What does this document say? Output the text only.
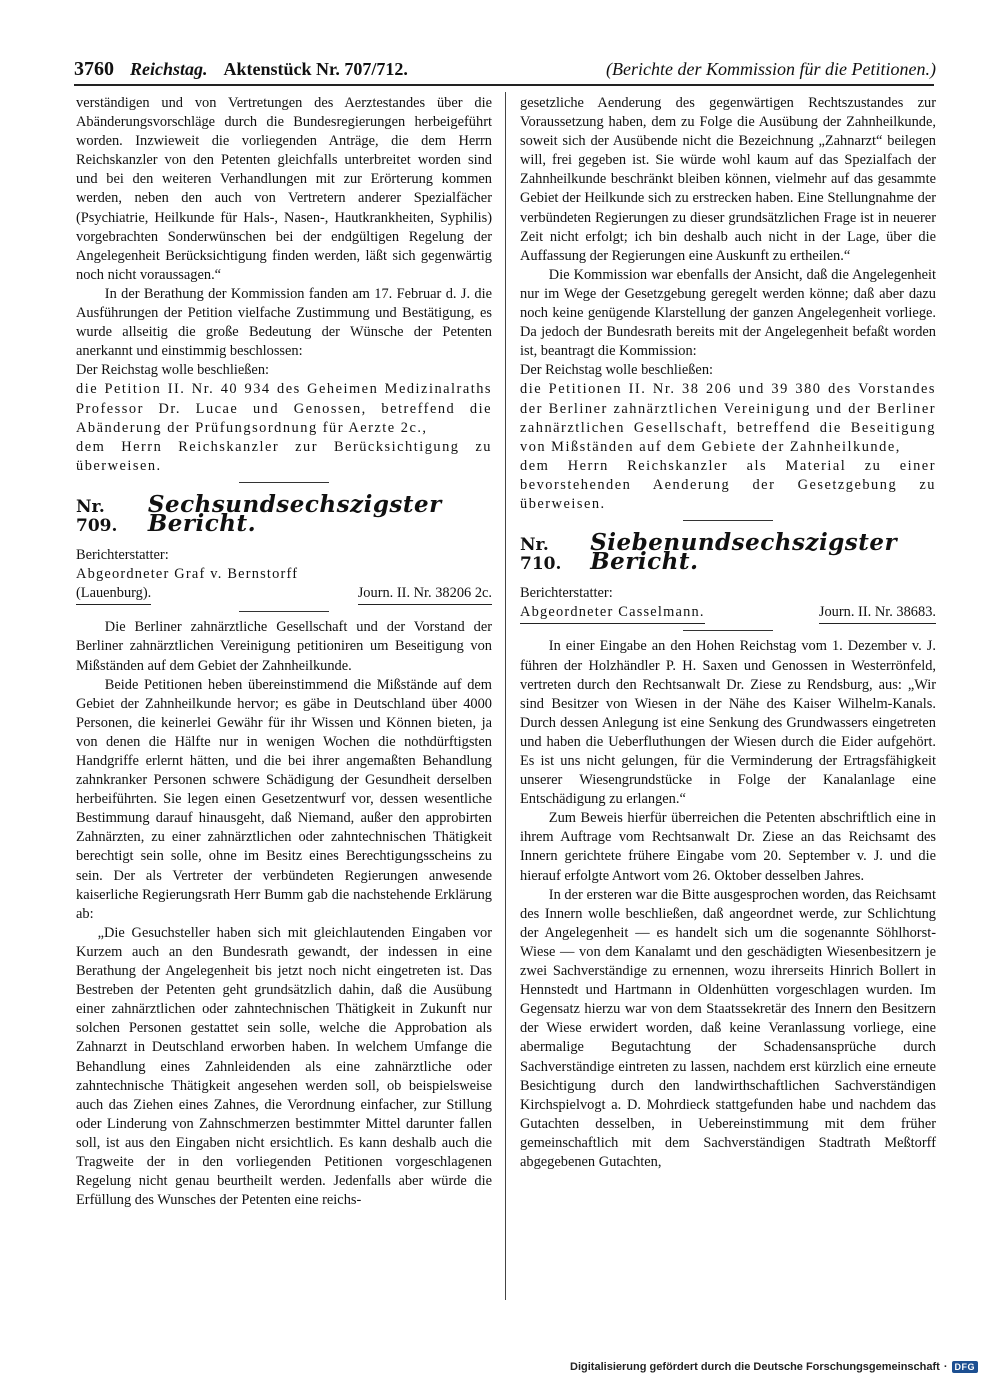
3760 Reichstag. Aktenstück Nr. 707/712.	(Berichte der Kommission für die Petitionen.)

verständigen und von Vertretungen des Aerztestandes über die Abänderungsvorschläge durch die Bundesregierungen herbeigeführt worden. Inzwieweit die vorliegenden Anträge, die dem Herrn Reichskanzler von den Petenten gleichfalls unterbreitet worden sind und bei den weiteren Verhandlungen mit zur Erörterung kommen werden, neben den auch von Vertretern anderer Spezialfächer (Psychiatrie, Heilkunde für Hals-, Nasen-, Hautkrankheiten, Syphilis) vorgebrachten Sonderwünschen bei der endgültigen Regelung der Angelegenheit Berücksichtigung finden werden, läßt sich gegenwärtig noch nicht voraussagen.“

In der Berathung der Kommission fanden am 17. Februar d. J. die Ausführungen der Petition vielfache Zustimmung und Bestätigung, es wurde allseitig die große Bedeutung der Wünsche der Petenten anerkannt und einstimmig beschlossen:

Der Reichstag wolle beschließen:

die Petition II. Nr. 40 934 des Geheimen Medizinalraths Professor Dr. Lucae und Genossen, betreffend die Abänderung der Prüfungsordnung für Aerzte 2c.,

dem Herrn Reichskanzler zur Berücksichtigung zu überweisen.

Nr. 709.
Sechsundsechszigster Bericht.

Berichterstatter:

Abgeordneter Graf v. Bernstorff

(Lauenburg).	Journ. II. Nr. 38206 2c.

Die Berliner zahnärztliche Gesellschaft und der Vorstand der Berliner zahnärztlichen Vereinigung petitioniren um Beseitigung von Mißständen auf dem Gebiet der Zahnheilkunde.

Beide Petitionen heben übereinstimmend die Mißstände auf dem Gebiet der Zahnheilkunde hervor; es gäbe in Deutschland über 4000 Personen, die keinerlei Gewähr für ihr Wissen und Können bieten, ja von denen die Hälfte nur in wenigen Wochen die nothdürftigsten Handgriffe erlernt hätten, und die bei ihrer angemaßten Behandlung zahnkranker Personen schwere Schädigung der Gesundheit derselben herbeiführten. Sie legen einen Gesetzentwurf vor, dessen wesentliche Bestimmung darauf hinausgeht, daß Niemand, außer den approbirten Zahnärzten, zu einer zahnärztlichen oder zahntechnischen Thätigkeit berechtigt sein solle, ohne im Besitz eines Berechtigungsscheins zu sein. Der als Vertreter der verbündeten Regierungen anwesende kaiserliche Regierungsrath Herr Bumm gab die nachstehende Erklärung ab:

„Die Gesuchsteller haben sich mit gleichlautenden Eingaben vor Kurzem auch an den Bundesrath gewandt, der indessen in eine Berathung der Angelegenheit bis jetzt noch nicht eingetreten ist. Das Bestreben der Petenten geht grundsätzlich dahin, daß die Ausübung einer zahnärztlichen oder zahntechnischen Thätigkeit in Zukunft nur solchen Personen gestattet sein solle, welche die Approbation als Zahnarzt in Deutschland erworben haben. In welchem Umfange die Behandlung eines Zahnleidenden als eine zahnärztliche oder zahntechnische Thätigkeit angesehen werden soll, ob beispielsweise auch das Ziehen eines Zahnes, die Verordnung einfacher, zur Stillung oder Linderung von Zahnschmerzen bestimmter Mittel darunter fallen soll, ist aus den Eingaben nicht ersichtlich. Es kann deshalb auch die Tragweite der in den vorliegenden Petitionen vorgeschlagenen Regelung nicht genau beurtheilt werden. Jedenfalls aber würde die Erfüllung des Wunsches der Petenten eine reichs-

gesetzliche Aenderung des gegenwärtigen Rechtszustandes zur Voraussetzung haben, dem zu Folge die Ausübung der Zahnheilkunde, soweit sich der Ausübende nicht die Bezeichnung „Zahnarzt“ beilegen will, frei gegeben ist. Sie würde wohl kaum auf das Spezialfach der Zahnheilkunde beschränkt bleiben können, vielmehr auf das gesammte Gebiet der Heilkunde sich zu erstrecken haben. Eine Stellungnahme der verbündeten Regierungen zu dieser grundsätzlichen Frage ist in neuerer Zeit nicht erfolgt; ich bin deshalb auch nicht in der Lage, über die Auffassung der Regierungen eine Auskunft zu ertheilen.“

Die Kommission war ebenfalls der Ansicht, daß die Angelegenheit nur im Wege der Gesetzgebung geregelt werden könne; daß aber dazu noch keine genügende Klarstellung der ganzen Angelegenheit vorliege. Da jedoch der Bundesrath bereits mit der Angelegenheit befaßt worden ist, beantragt die Kommission:

Der Reichstag wolle beschließen:

die Petitionen II. Nr. 38 206 und 39 380 des Vorstandes der Berliner zahnärztlichen Vereinigung und der Berliner zahnärztlichen Gesellschaft, betreffend die Beseitigung von Mißständen auf dem Gebiete der Zahnheilkunde,

dem Herrn Reichskanzler als Material zu einer bevorstehenden Aenderung der Gesetzgebung zu überweisen.

Nr. 710.
Siebenundsechszigster Bericht.

Berichterstatter:

Abgeordneter Casselmann.	Journ. II. Nr. 38683.

In einer Eingabe an den Hohen Reichstag vom 1. Dezember v. J. führen der Holzhändler P. H. Saxen und Genossen in Westerrönfeld, vertreten durch den Rechtsanwalt Dr. Ziese zu Rendsburg, aus: „Wir sind Besitzer von Wiesen in der Nähe des Kaiser Wilhelm-Kanals. Durch dessen Anlegung ist eine Senkung des Grundwassers eingetreten und haben die Ueberfluthungen der Wiesen durch die Eider aufgehört. Es ist uns nicht gelungen, für die Verminderung der Ertragsfähigkeit unserer Wiesengrundstücke in Folge der Kanalanlage eine Entschädigung zu erlangen.“

Zum Beweis hierfür überreichen die Petenten abschriftlich eine in ihrem Auftrage vom Rechtsanwalt Dr. Ziese an das Reichsamt des Innern gerichtete frühere Eingabe vom 20. September v. J. und die hierauf erfolgte Antwort vom 26. Oktober desselben Jahres.

In der ersteren war die Bitte ausgesprochen worden, das Reichsamt des Innern wolle beschließen, daß angeordnet werde, zur Schlichtung der Angelegenheit — es handelt sich um die sogenannte Söhlhorst-Wiese — von dem Kanalamt und den geschädigten Wiesenbesitzern je zwei Sachverständige zu ernennen, wozu ihrerseits Hinrich Bollert in Hennstedt und Hartmann in Oldenhütten vorgeschlagen wurden. Im Gegensatz hierzu war von dem Staatssekretär des Innern den Besitzern der Wiese erwidert worden, daß keine Veranlassung vorliege, eine abermalige Begutachtung der Schadensansprüche durch Sachverständige eintreten zu lassen, nachdem erst kürzlich eine erneute Besichtigung durch den landwirthschaftlichen Sachverständigen Kirchspielvogt a. D. Mohrdieck stattgefunden habe und nachdem das Gutachten desselben, in Uebereinstimmung mit dem früher gemeinschaftlich mit dem Sachverständigen Stadtrath Meßtorff abgegebenen Gutachten,

Digitalisierung gefördert durch die Deutsche Forschungsgemeinschaft · DFG
